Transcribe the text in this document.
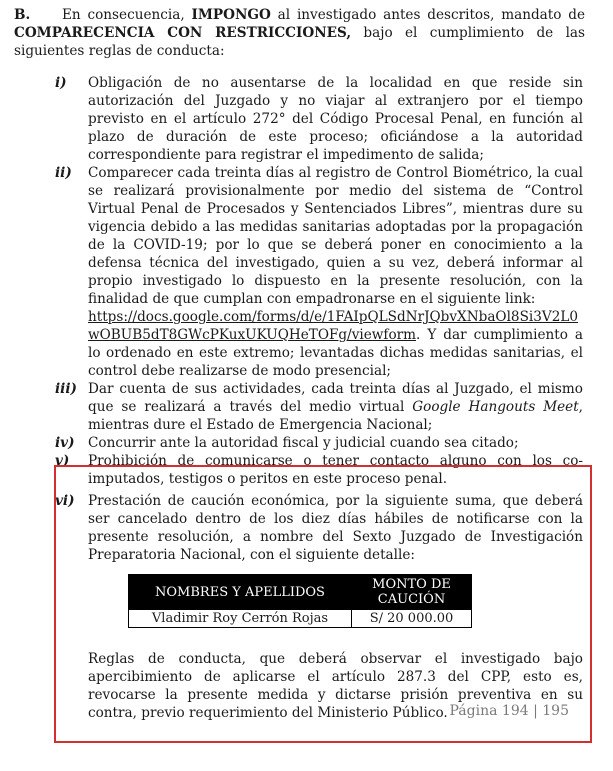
B. En consecuencia, IMPONGO al investigado antes descritos, mandato de COMPARECENCIA CON RESTRICCIONES, bajo el cumplimiento de las siguientes reglas de conducta:
i) Obligación de no ausentarse de la localidad en que reside sin autorización del Juzgado y no viajar al extranjero por el tiempo previsto en el artículo 272° del Código Procesal Penal, en función al plazo de duración de este proceso; oficiándose a la autoridad correspondiente para registrar el impedimento de salida;
ii) Comparecer cada treinta días al registro de Control Biométrico, la cual se realizará provisionalmente por medio del sistema de “Control Virtual Penal de Procesados y Sentenciados Libres”, mientras dure su vigencia debido a las medidas sanitarias adoptadas por la propagación de la COVID-19; por lo que se deberá poner en conocimiento a la defensa técnica del investigado, quien a su vez, deberá informar al propio investigado lo dispuesto en la presente resolución, con la finalidad de que cumplan con empadronarse en el siguiente link:
https://docs.google.com/forms/d/e/1FAIpQLSdNrJQbvXNbaOl8Si3V2L0wOBUB5dT8GWcPKuxUKUQHeTOFg/viewform. Y dar cumplimiento a lo ordenado en este extremo; levantadas dichas medidas sanitarias, el control debe realizarse de modo presencial;
iii) Dar cuenta de sus actividades, cada treinta días al Juzgado, el mismo que se realizará a través del medio virtual Google Hangouts Meet, mientras dure el Estado de Emergencia Nacional;
iv) Concurrir ante la autoridad fiscal y judicial cuando sea citado;
v) Prohibición de comunicarse o tener contacto alguno con los co-imputados, testigos o peritos en este proceso penal.
vi) Prestación de caución económica, por la siguiente suma, que deberá ser cancelado dentro de los diez días hábiles de notificarse con la presente resolución, a nombre del Sexto Juzgado de Investigación Preparatoria Nacional, con el siguiente detalle:
NOMBRES Y APELLIDOS	MONTO DE CAUCIÓN
Vladimir Roy Cerrón Rojas	S/ 20 000.00
Reglas de conducta, que deberá observar el investigado bajo apercibimiento de aplicarse el artículo 287.3 del CPP, esto es, revocarse la presente medida y dictarse prisión preventiva en su contra, previo requerimiento del Ministerio Público. Página 194 | 195
